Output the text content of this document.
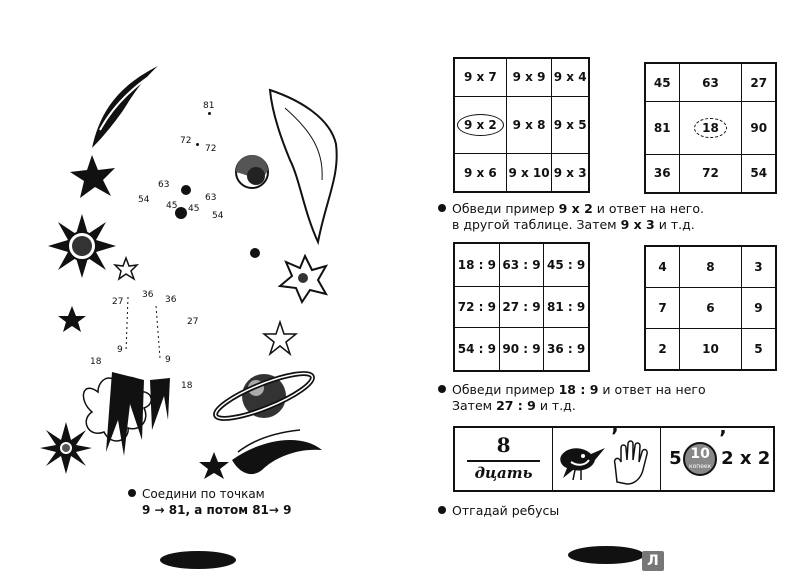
81
72
72
63
63
54
54
45 45
36 36
27
27
9
9
18
18
Соедини по точкам
9 → 81, а потом 81→ 9
9 x 7	9 x 9	9 x 4
9 x 2	9 x 8	9 x 5
9 x 6	9 x 10	9 x 3
45	63	27
81	18	90
36	72	54
Обведи пример 9 х 2 и ответ на него.
в другой таблице. Затем 9 х 3 и т.д.
18 : 9	63 : 9	45 : 9
72 : 9	27 : 9	81 : 9
54 : 9	90 : 9	36 : 9
4	8	3
7	6	9
2	10	5
Обведи пример 18 : 9 и ответ на него
Затем 27 : 9 и т.д.
8
дцать
’
5 10
копеек
’
2 x 2
Отгадай ребусы
Л
